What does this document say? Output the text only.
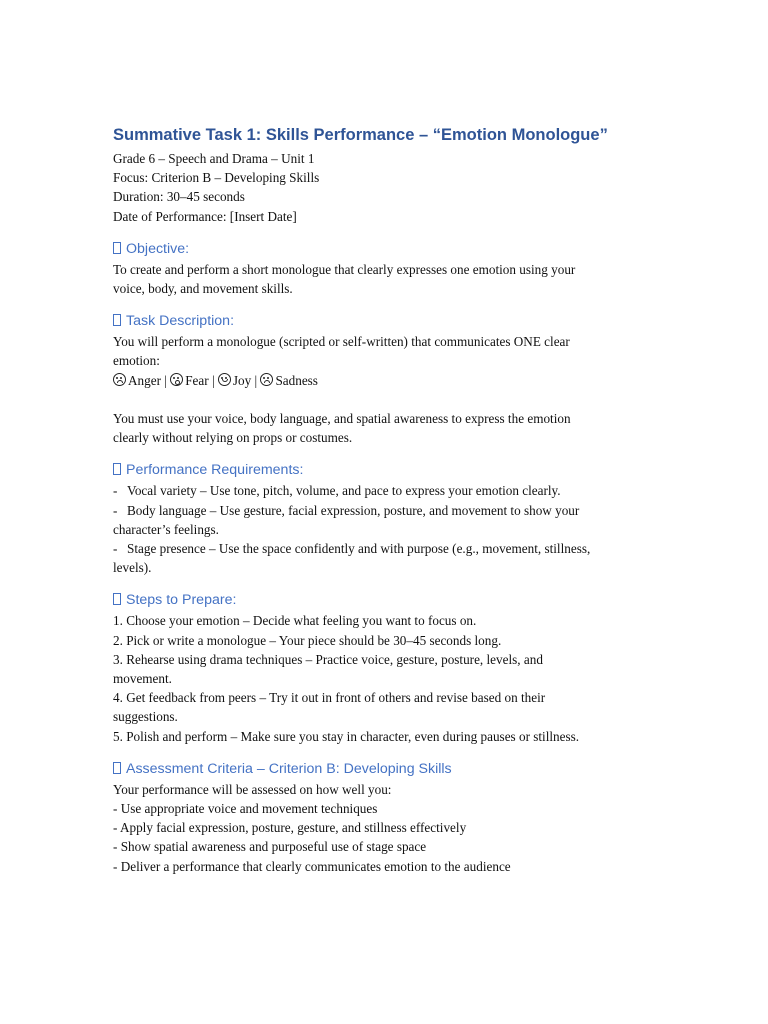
Summative Task 1: Skills Performance – “Emotion Monologue”
Grade 6 – Speech and Drama – Unit 1
Focus: Criterion B – Developing Skills
Duration: 30–45 seconds
Date of Performance: [Insert Date]
Objective:

To create and perform a short monologue that clearly expresses one emotion using your

voice, body, and movement skills.

Task Description:

You will perform a monologue (scripted or self-written) that communicates ONE clear

emotion:

Anger | Fear | Joy | Sadness

You must use your voice, body language, and spatial awareness to express the emotion

clearly without relying on props or costumes.

Performance Requirements:

- Vocal variety – Use tone, pitch, volume, and pace to express your emotion clearly.

- Body language – Use gesture, facial expression, posture, and movement to show your

character’s feelings.

- Stage presence – Use the space confidently and with purpose (e.g., movement, stillness,

levels).

Steps to Prepare:

1. Choose your emotion – Decide what feeling you want to focus on.

2. Pick or write a monologue – Your piece should be 30–45 seconds long.

3. Rehearse using drama techniques – Practice voice, gesture, posture, levels, and

movement.

4. Get feedback from peers – Try it out in front of others and revise based on their

suggestions.

5. Polish and perform – Make sure you stay in character, even during pauses or stillness.

Assessment Criteria – Criterion B: Developing Skills

Your performance will be assessed on how well you:

- Use appropriate voice and movement techniques

- Apply facial expression, posture, gesture, and stillness effectively

- Show spatial awareness and purposeful use of stage space

- Deliver a performance that clearly communicates emotion to the audience
